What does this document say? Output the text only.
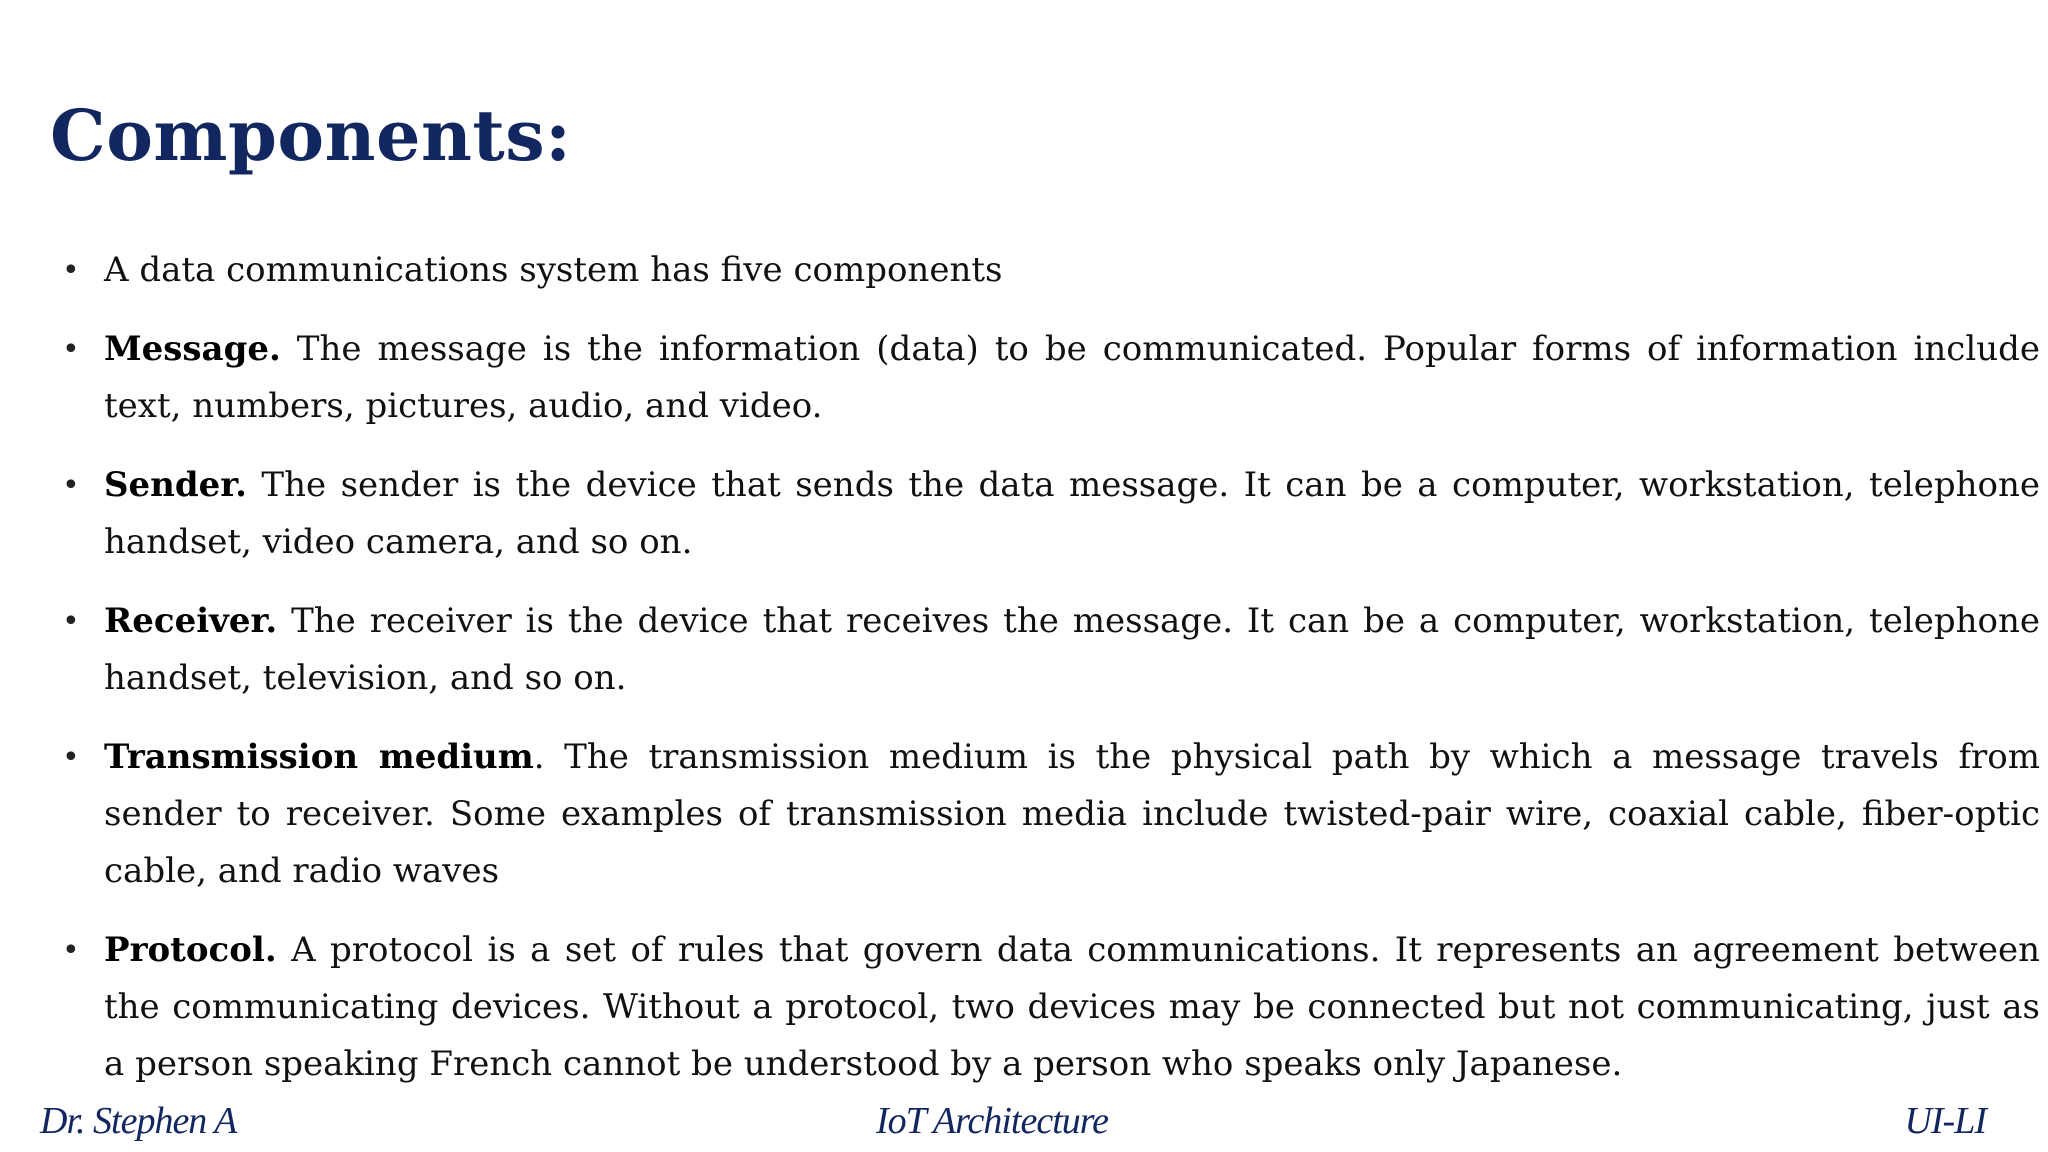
Components:
• A data communications system has five components
• Message. The message is the information (data) to be communicated. Popular forms of information include text, numbers, pictures, audio, and video.
• Sender. The sender is the device that sends the data message. It can be a computer, workstation, telephone handset, video camera, and so on.
• Receiver. The receiver is the device that receives the message. It can be a computer, workstation, telephone handset, television, and so on.
• Transmission medium. The transmission medium is the physical path by which a message travels from sender to receiver. Some examples of transmission media include twisted-pair wire, coaxial cable, fiber-optic cable, and radio waves
• Protocol. A protocol is a set of rules that govern data communications. It represents an agreement between the communicating devices. Without a protocol, two devices may be connected but not communicating, just as a person speaking French cannot be understood by a person who speaks only Japanese.
Dr. Stephen A	IoT Architecture	UI-LI
